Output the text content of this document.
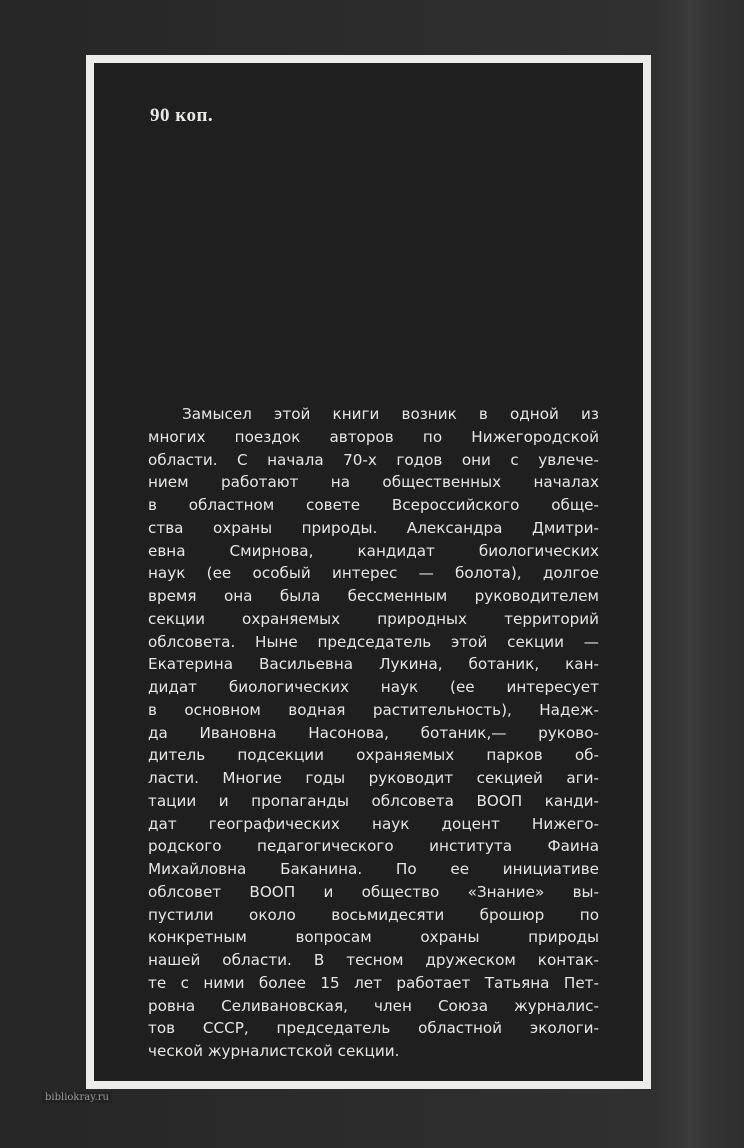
90 коп.
Замысел этой книги возник в одной из
многих поездок авторов по Нижегородской
области. С начала 70-х годов они с увлече-
нием работают на общественных началах
в областном совете Всероссийского обще-
ства охраны природы. Александра Дмитри-
евна Смирнова, кандидат биологических
наук (ее особый интерес — болота), долгое
время она была бессменным руководителем
секции охраняемых природных территорий
облсовета. Ныне председатель этой секции —
Екатерина Васильевна Лукина, ботаник, кан-
дидат биологических наук (ее интересует
в основном водная растительность), Надеж-
да Ивановна Насонова, ботаник,— руково-
дитель подсекции охраняемых парков об-
ласти. Многие годы руководит секцией аги-
тации и пропаганды облсовета ВООП канди-
дат географических наук доцент Нижего-
родского педагогического института Фаина
Михайловна Баканина. По ее инициативе
облсовет ВООП и общество «Знание» вы-
пустили около восьмидесяти брошюр по
конкретным вопросам охраны природы
нашей области. В тесном дружеском контак-
те с ними более 15 лет работает Татьяна Пет-
ровна Селивановская, член Союза журналис-
тов СССР, председатель областной экологи-
ческой журналистской секции.
bibliokray.ru
